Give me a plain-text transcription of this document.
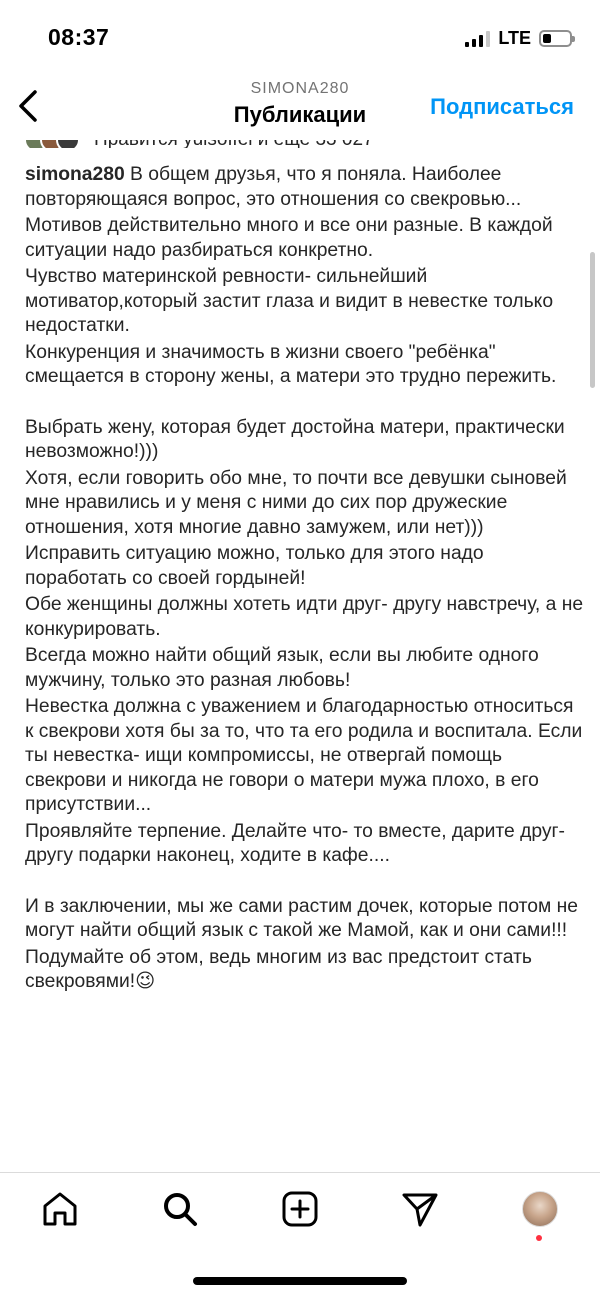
08:37	LTE
SIMONA280
Публикации	Подписаться

simona280 В общем друзья, что я поняла. Наиболее повторяющаяся вопрос, это отношения со свекровью...

Мотивов действительно много и все они разные. В каждой ситуации надо разбираться конкретно.

Чувство материнской ревности- сильнейший мотиватор,который застит глаза и видит в невестке только недостатки.

Конкуренция и значимость в жизни своего "ребёнка" смещается в сторону жены, а матери это трудно пережить.

Выбрать жену, которая будет достойна матери, практически невозможно!)))

Хотя, если говорить обо мне, то почти все девушки сыновей мне нравились и у меня с ними до сих пор дружеские отношения, хотя многие давно замужем, или нет)))

Исправить ситуацию можно, только для этого надо поработать со своей гордыней!

Обе женщины должны хотеть идти друг- другу навстречу, а не конкурировать.

Всегда можно найти общий язык, если вы любите одного мужчину, только это разная любовь!

Невестка должна с уважением и благодарностью относиться к свекрови хотя бы за то, что та его родила и воспитала. Если ты невестка- ищи компромиссы, не отвергай помощь свекрови и никогда не говори о матери мужа плохо, в его присутствии...

Проявляйте терпение. Делайте что- то вместе, дарите друг- другу подарки наконец, ходите в кафе....

И в заключении, мы же сами растим дочек, которые потом не могут найти общий язык с такой же Мамой, как и они сами!!!

Подумайте об этом, ведь многим из вас предстоит стать свекровями!😉
